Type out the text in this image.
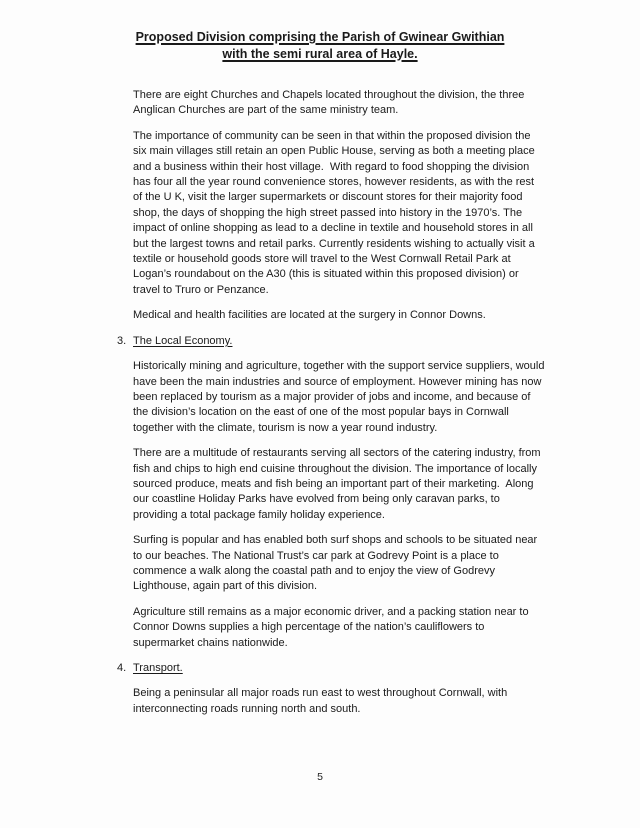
Proposed Division comprising the Parish of Gwinear Gwithian
with the semi rural area of Hayle.

There are eight Churches and Chapels located throughout the division, the three Anglican Churches are part of the same ministry team.

The importance of community can be seen in that within the proposed division the six main villages still retain an open Public House, serving as both a meeting place and a business within their host village.  With regard to food shopping the division has four all the year round convenience stores, however residents, as with the rest of the U K, visit the larger supermarkets or discount stores for their majority food shop, the days of shopping the high street passed into history in the 1970’s. The impact of online shopping as lead to a decline in textile and household stores in all but the largest towns and retail parks. Currently residents wishing to actually visit a textile or household goods store will travel to the West Cornwall Retail Park at Logan’s roundabout on the A30 (this is situated within this proposed division) or travel to Truro or Penzance.

Medical and health facilities are located at the surgery in Connor Downs.

3. The Local Economy.

Historically mining and agriculture, together with the support service suppliers, would have been the main industries and source of employment. However mining has now been replaced by tourism as a major provider of jobs and income, and because of the division’s location on the east of one of the most popular bays in Cornwall together with the climate, tourism is now a year round industry.

There are a multitude of restaurants serving all sectors of the catering industry, from fish and chips to high end cuisine throughout the division. The importance of locally sourced produce, meats and fish being an important part of their marketing.  Along our coastline Holiday Parks have evolved from being only caravan parks, to providing a total package family holiday experience.

Surfing is popular and has enabled both surf shops and schools to be situated near to our beaches. The National Trust’s car park at Godrevy Point is a place to commence a walk along the coastal path and to enjoy the view of Godrevy Lighthouse, again part of this division.

Agriculture still remains as a major economic driver, and a packing station near to Connor Downs supplies a high percentage of the nation’s cauliflowers to supermarket chains nationwide.

4. Transport.

Being a peninsular all major roads run east to west throughout Cornwall, with interconnecting roads running north and south.

5
